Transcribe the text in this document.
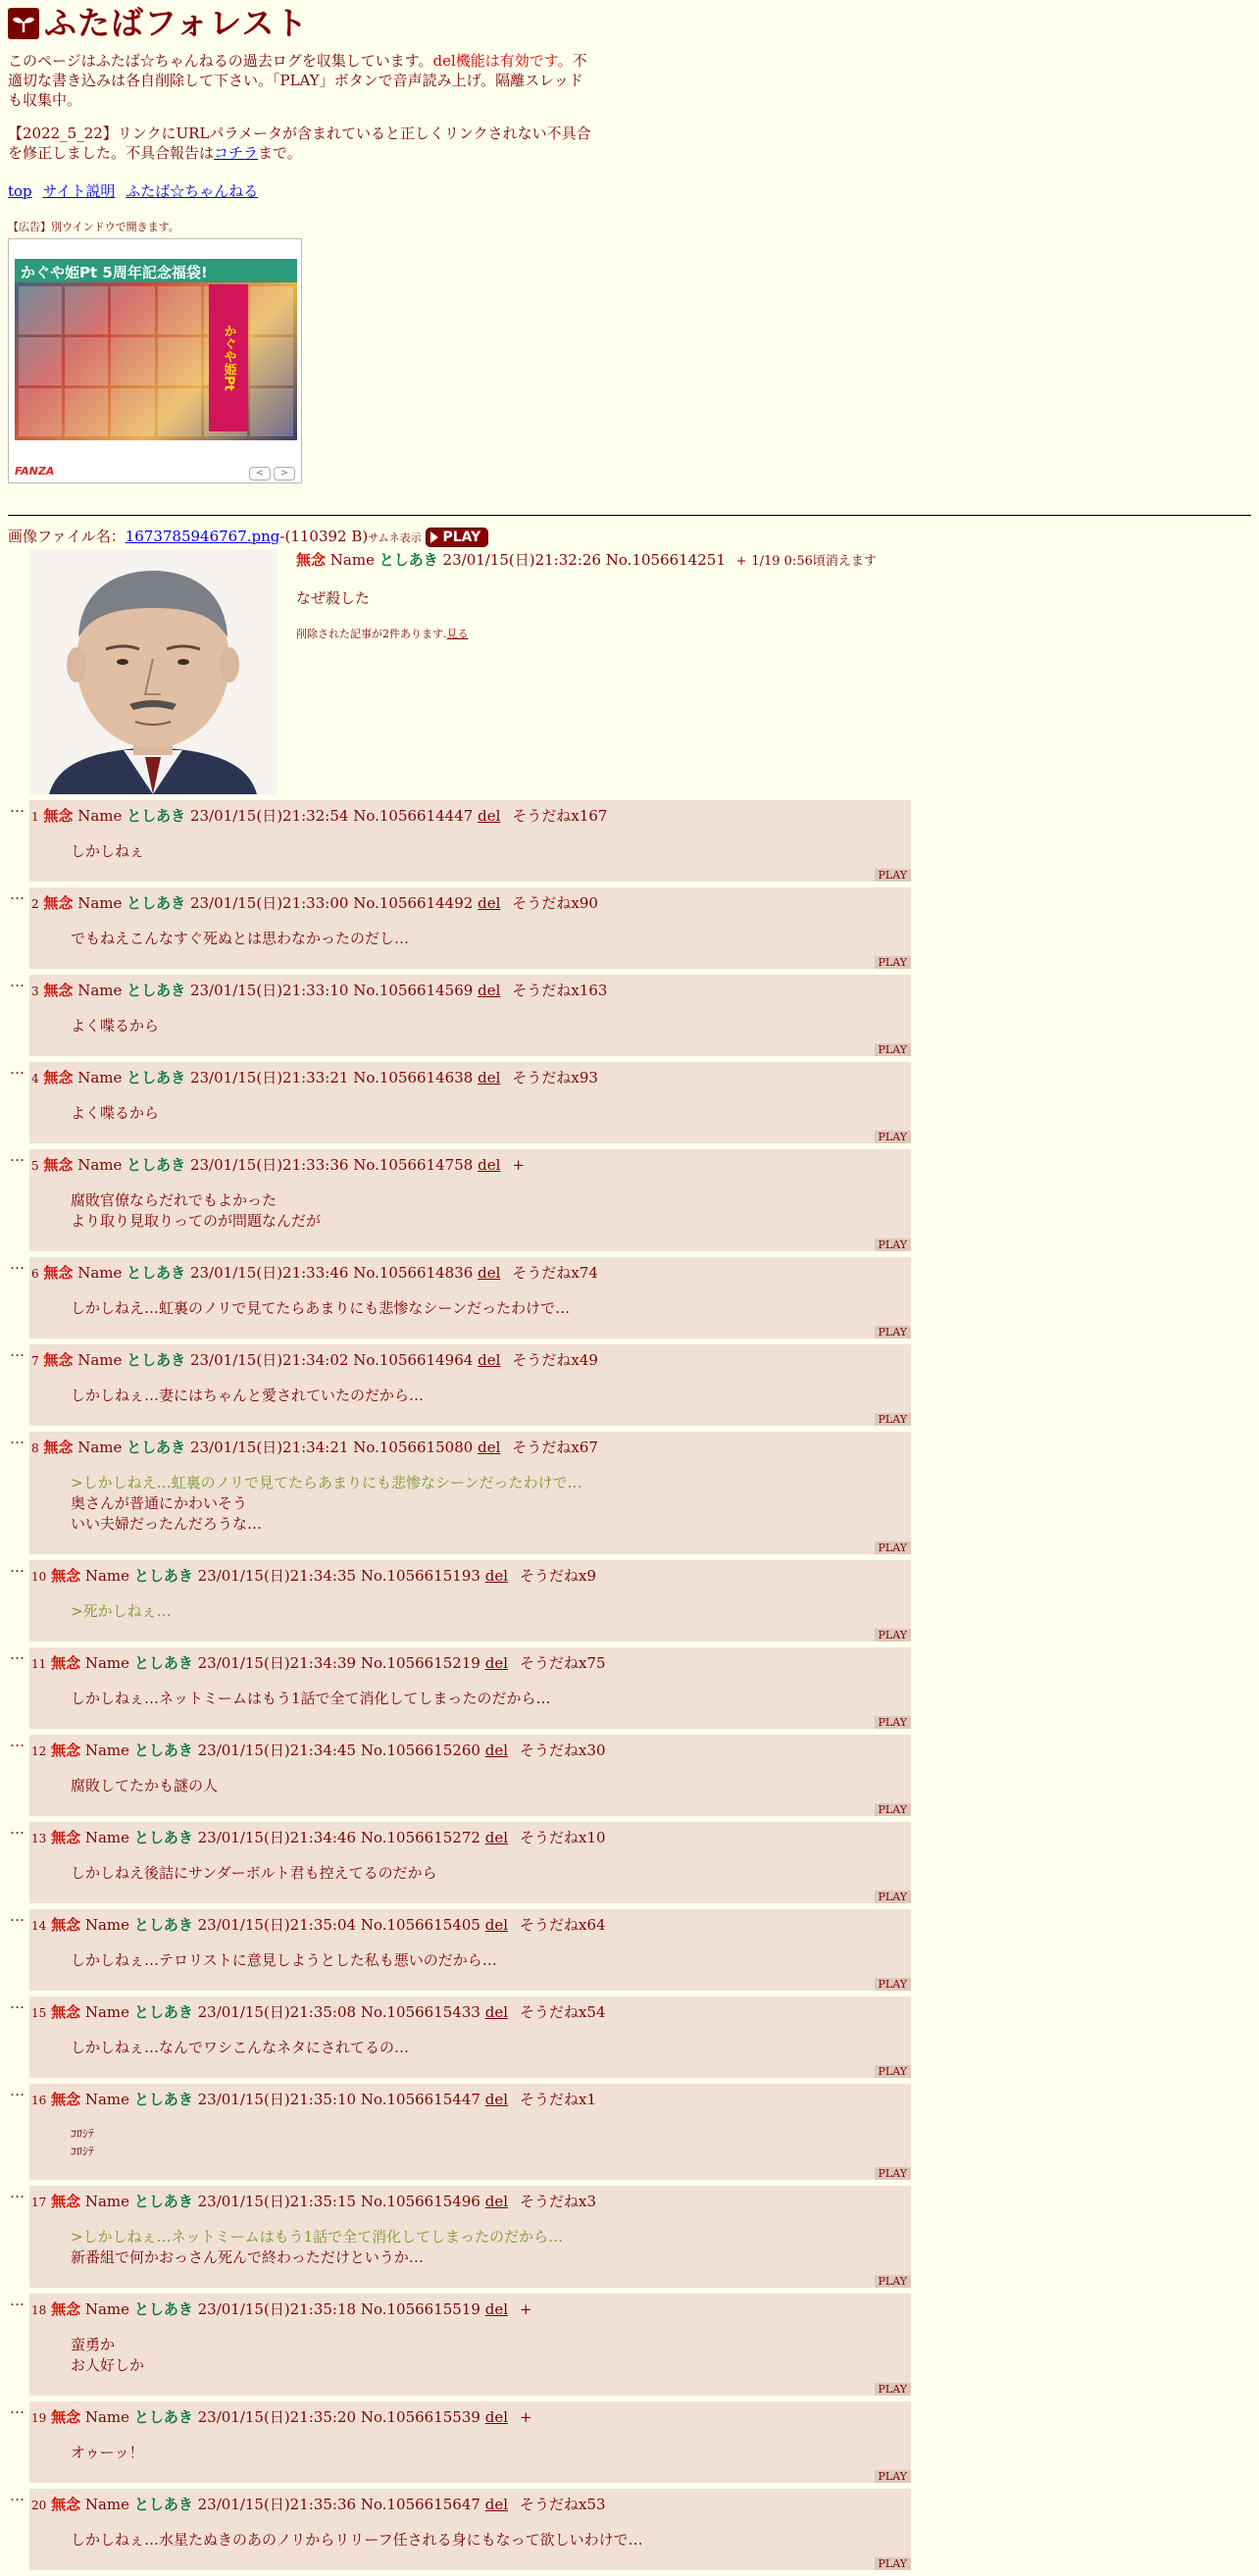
ふたばフォレスト
このページはふたば☆ちゃんねるの過去ログを収集しています。del機能は有効です。不適切な書き込みは各自削除して下さい。「PLAY」ボタンで音声読み上げ。隔離スレッドも収集中。
【2022_5_22】リンクにURLパラメータが含まれていると正しくリンクされない不具合を修正しました。不具合報告はコチラまで。
top サイト説明 ふたば☆ちゃんねる
【広告】別ウインドウで開きます。
かぐや姫Pt 5周年記念福袋!
かぐや姫Pt
FANZA	< >
画像ファイル名：1673785946767.png-(110392 B)サムネ表示 PLAY
無念 Name としあき 23/01/15(日)21:32:26 No.1056614251 + 1/19 0:56頃消えます
なぜ殺した
削除された記事が2件あります.見る
…
1 無念 Name としあき 23/01/15(日)21:32:54 No.1056614447 del そうだねx167
しかしねぇ
PLAY
…
2 無念 Name としあき 23/01/15(日)21:33:00 No.1056614492 del そうだねx90
でもねえこんなすぐ死ぬとは思わなかったのだし…
PLAY
…
3 無念 Name としあき 23/01/15(日)21:33:10 No.1056614569 del そうだねx163
よく喋るから
PLAY
…
4 無念 Name としあき 23/01/15(日)21:33:21 No.1056614638 del そうだねx93
よく喋るから
PLAY
…
5 無念 Name としあき 23/01/15(日)21:33:36 No.1056614758 del +
腐敗官僚ならだれでもよかった
より取り見取りってのが問題なんだが
PLAY
…
6 無念 Name としあき 23/01/15(日)21:33:46 No.1056614836 del そうだねx74
しかしねえ…虹裏のノリで見てたらあまりにも悲惨なシーンだったわけで…
PLAY
…
7 無念 Name としあき 23/01/15(日)21:34:02 No.1056614964 del そうだねx49
しかしねぇ…妻にはちゃんと愛されていたのだから…
PLAY
…
8 無念 Name としあき 23/01/15(日)21:34:21 No.1056615080 del そうだねx67
>しかしねえ…虹裏のノリで見てたらあまりにも悲惨なシーンだったわけで…
奥さんが普通にかわいそう
いい夫婦だったんだろうな…
PLAY
…
10 無念 Name としあき 23/01/15(日)21:34:35 No.1056615193 del そうだねx9
>死かしねぇ…
PLAY
…
11 無念 Name としあき 23/01/15(日)21:34:39 No.1056615219 del そうだねx75
しかしねぇ…ネットミームはもう1話で全て消化してしまったのだから…
PLAY
…
12 無念 Name としあき 23/01/15(日)21:34:45 No.1056615260 del そうだねx30
腐敗してたかも謎の人
PLAY
…
13 無念 Name としあき 23/01/15(日)21:34:46 No.1056615272 del そうだねx10
しかしねえ後詰にサンダーボルト君も控えてるのだから
PLAY
…
14 無念 Name としあき 23/01/15(日)21:35:04 No.1056615405 del そうだねx64
しかしねぇ…テロリストに意見しようとした私も悪いのだから…
PLAY
…
15 無念 Name としあき 23/01/15(日)21:35:08 No.1056615433 del そうだねx54
しかしねぇ…なんでワシこんなネタにされてるの…
PLAY
…
16 無念 Name としあき 23/01/15(日)21:35:10 No.1056615447 del そうだねx1
ｺﾛｼﾃ
ｺﾛｼﾃ
PLAY
…
17 無念 Name としあき 23/01/15(日)21:35:15 No.1056615496 del そうだねx3
>しかしねぇ…ネットミームはもう1話で全て消化してしまったのだから…
新番組で何かおっさん死んで終わっただけというか…
PLAY
…
18 無念 Name としあき 23/01/15(日)21:35:18 No.1056615519 del +
蛮勇か
お人好しか
PLAY
…
19 無念 Name としあき 23/01/15(日)21:35:20 No.1056615539 del +
オゥーッ！
PLAY
…
20 無念 Name としあき 23/01/15(日)21:35:36 No.1056615647 del そうだねx53
しかしねぇ…水星たぬきのあのノリからリリーフ任される身にもなって欲しいわけで…
PLAY
